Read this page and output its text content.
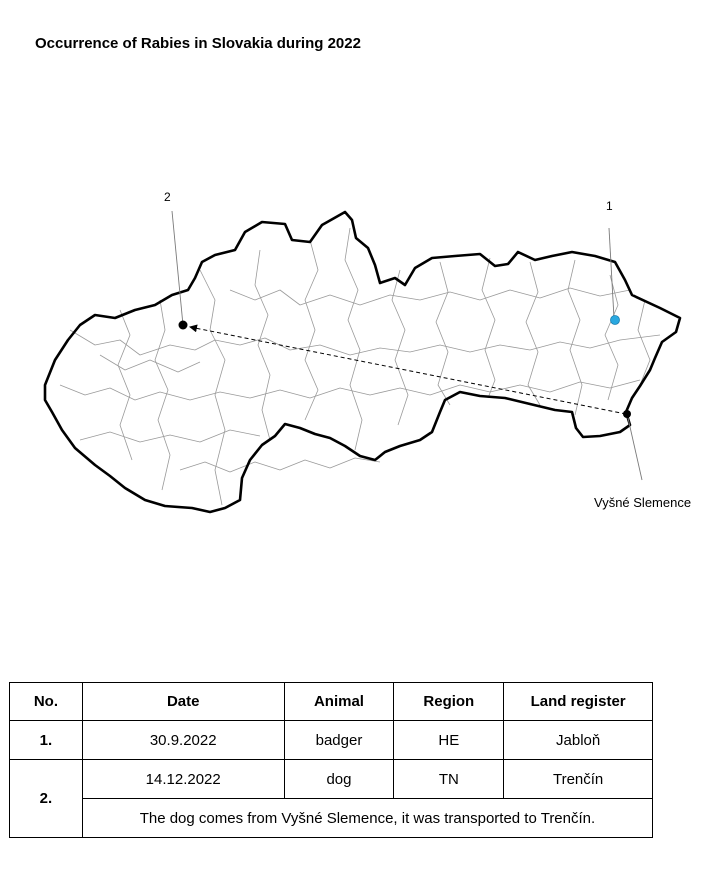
Occurrence of Rabies in Slovakia during 2022
1
2
Vyšné Slemence
No.	Date	Animal	Region	Land register
1.	30.9.2022	badger	HE	Jabloň
2.	14.12.2022	dog	TN	Trenčín
	The dog comes from Vyšné Slemence, it was transported to Trenčín.			
